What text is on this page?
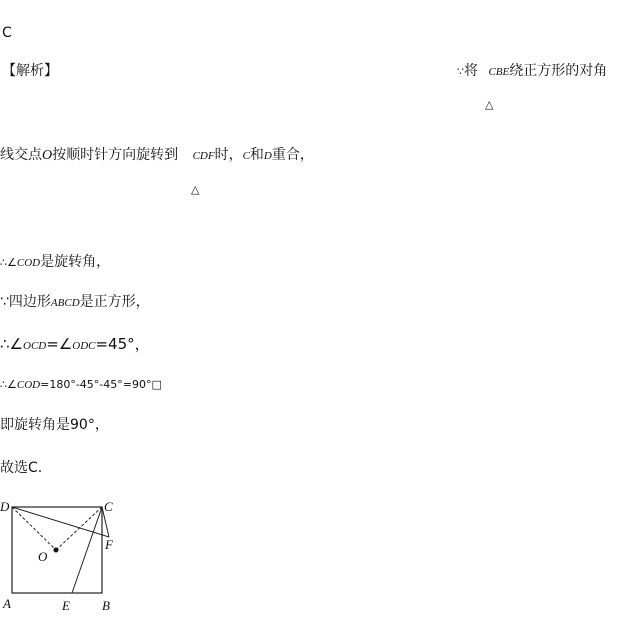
C
【解析】	∵将 CBE绕正方形的对角
△
线交点O按顺时针方向旋转到 CDF时，C和D重合，
△
∴∠COD是旋转角，
∵四边形ABCD是正方形，
∴∠OCD=∠ODC=45°，
∴∠COD=180°-45°-45°=90°□
即旋转角是90°，
故选C.
D	C
F
O
A	E B
